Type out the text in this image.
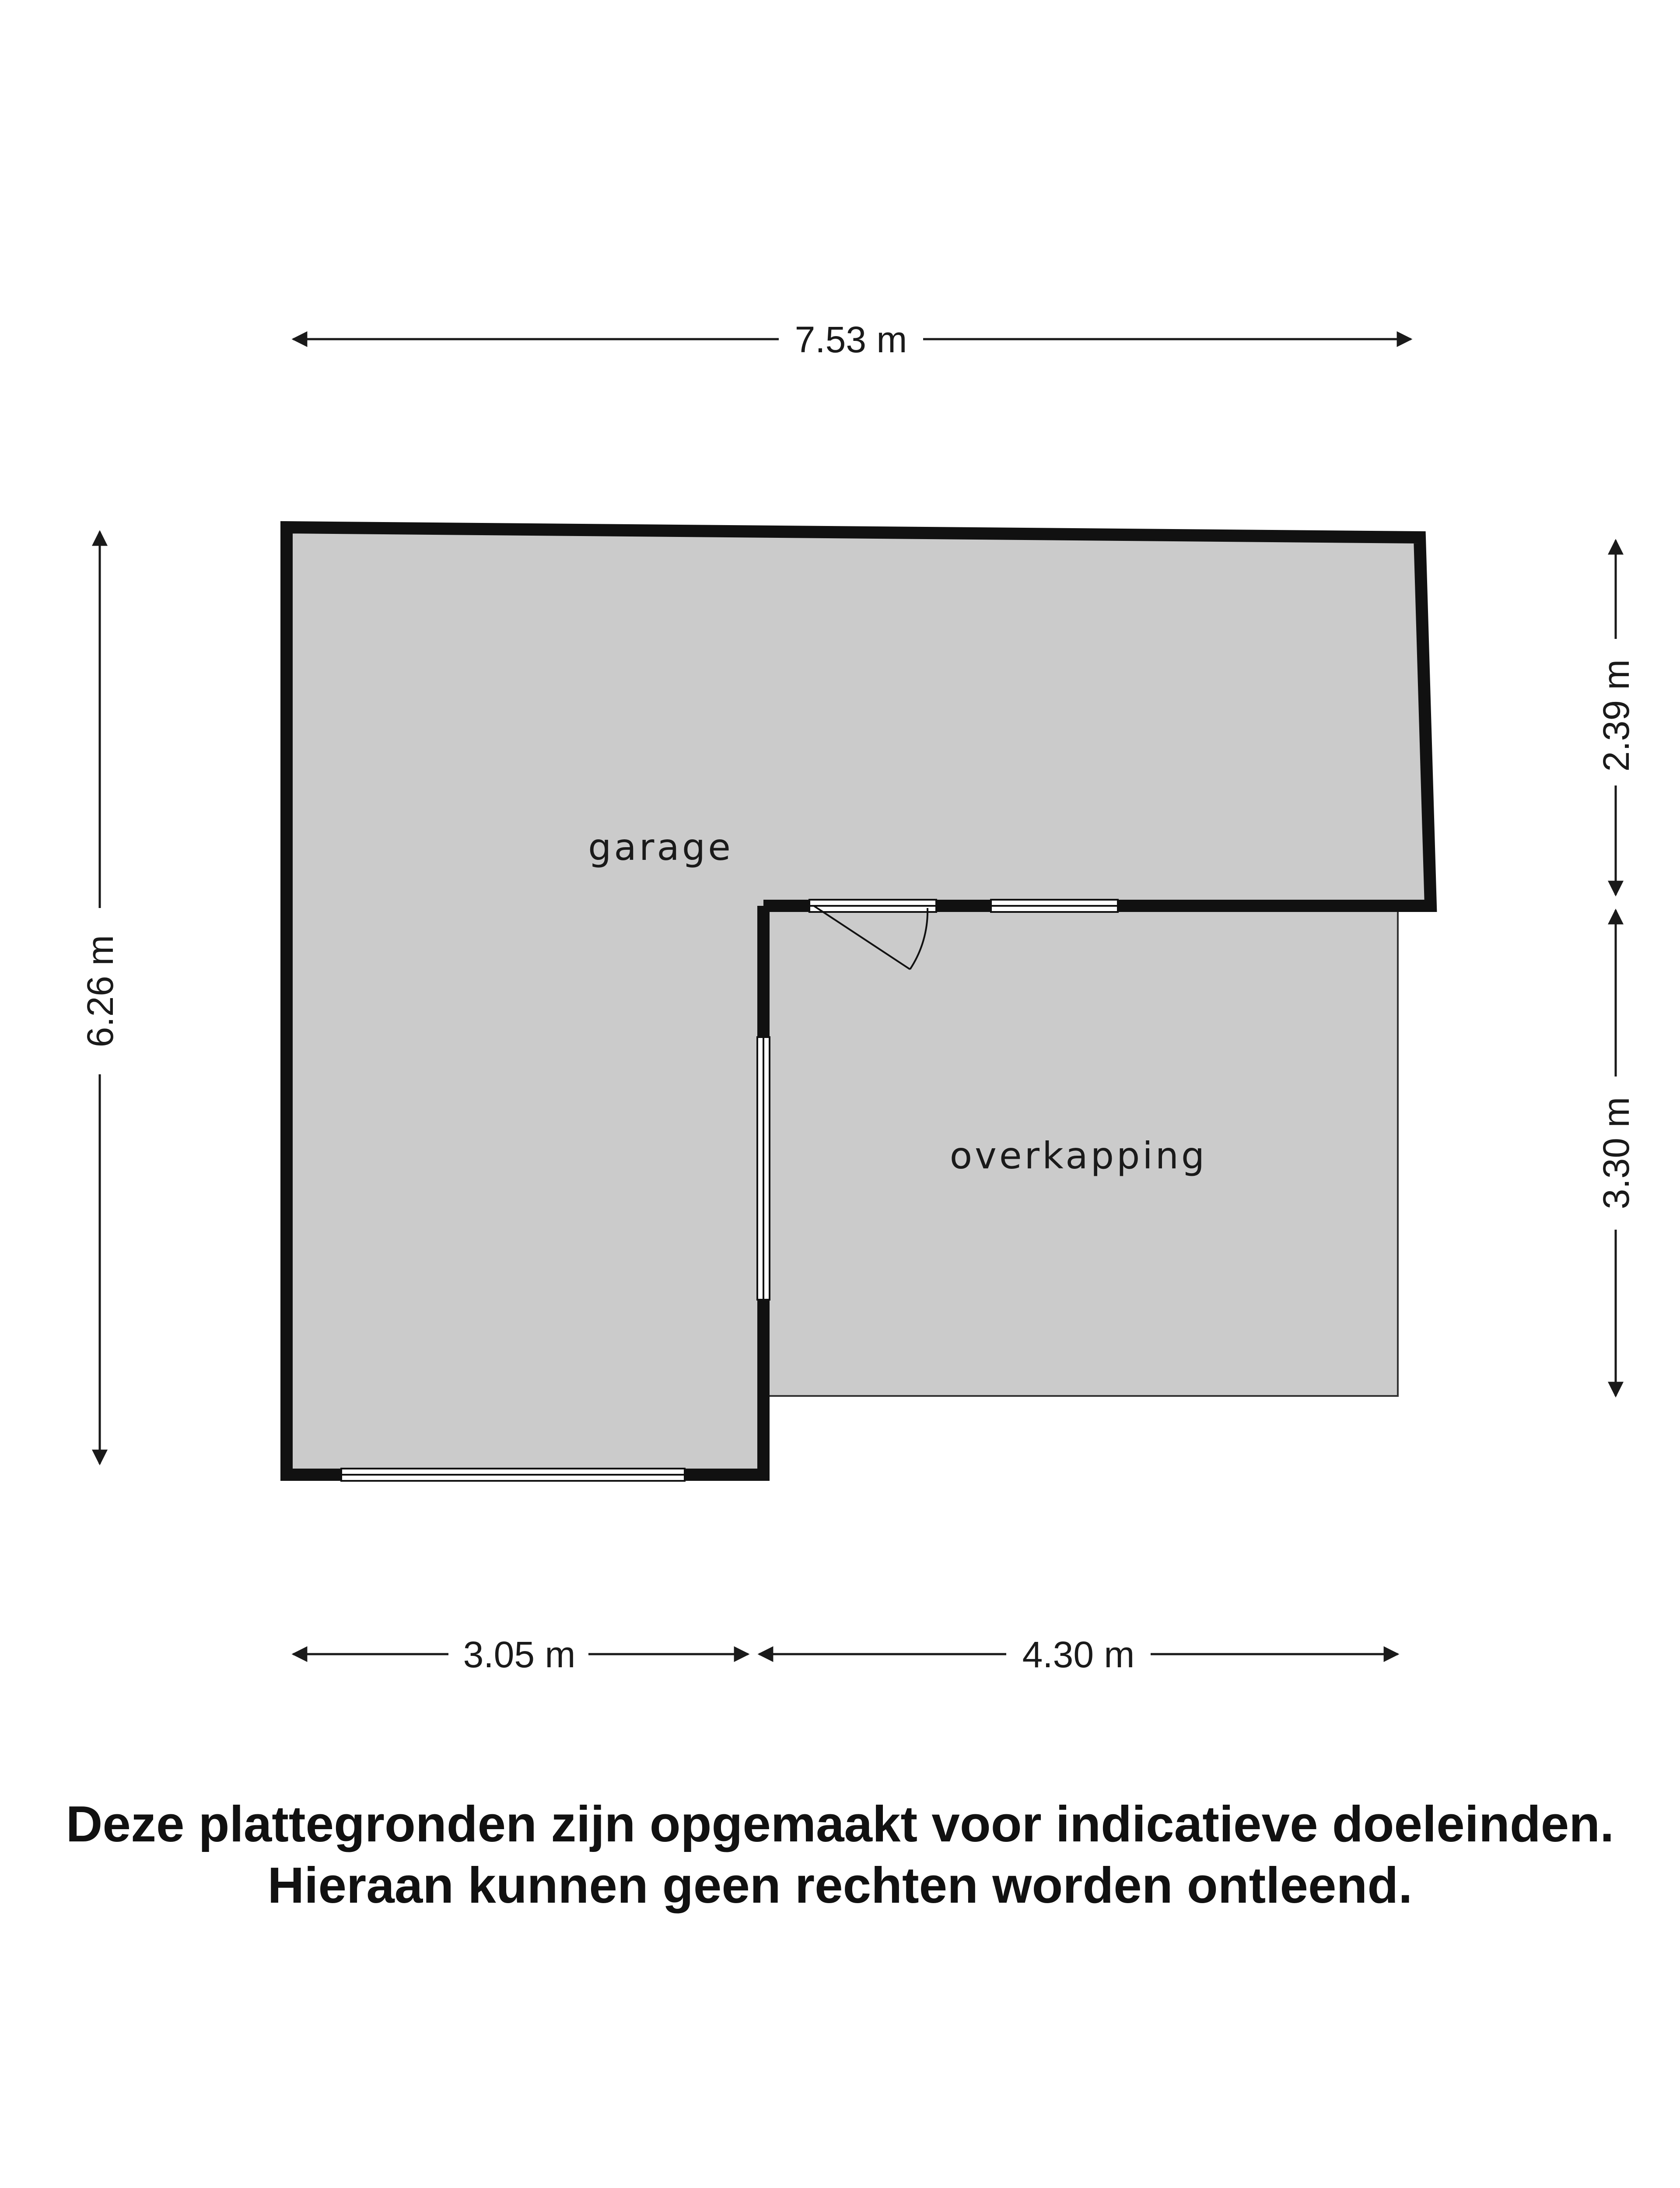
garage
overkapping
7.53 m
6.26 m
2.39 m
3.30 m
3.05 m	4.30 m
Deze plattegronden zijn opgemaakt voor indicatieve doeleinden.
Hieraan kunnen geen rechten worden ontleend.
